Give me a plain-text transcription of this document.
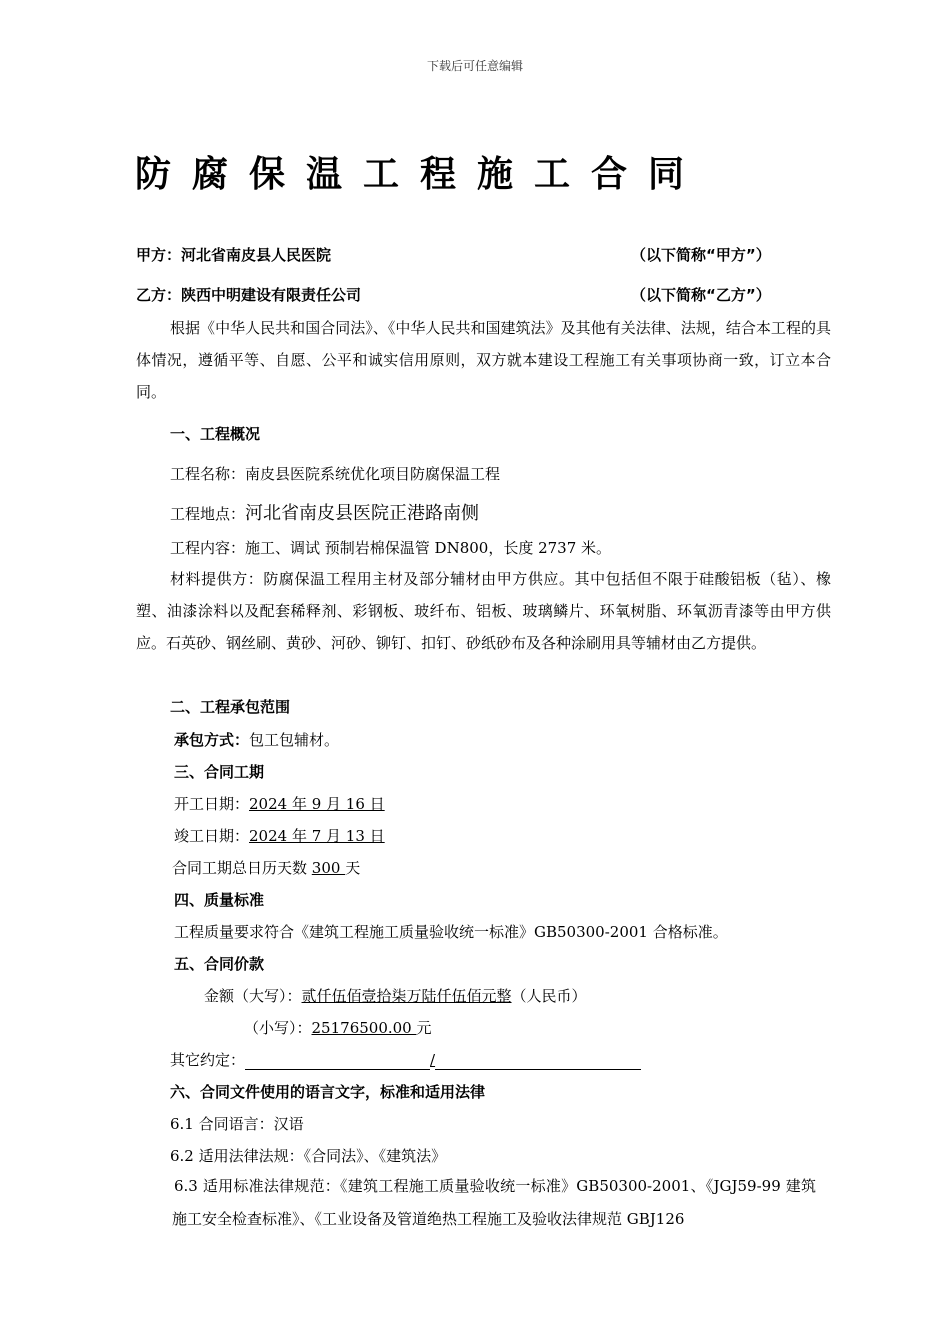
下载后可任意编辑
防腐保温工程施工合同
甲方：河北省南皮县人民医院	（以下简称“甲方”）
乙方：陕西中明建设有限责任公司	（以下简称“乙方”）
根据《中华人民共和国合同法》、《中华人民共和国建筑法》及其他有关法律、法规，结合本工程的具体情况，遵循平等、自愿、公平和诚实信用原则，双方就本建设工程施工有关事项协商一致，订立本合同。
一、工程概况
工程名称：南皮县医院系统优化项目防腐保温工程
工程地点：河北省南皮县医院正港路南侧
工程内容：施工、调试 预制岩棉保温管 DN800，长度 2737 米。
材料提供方：防腐保温工程用主材及部分辅材由甲方供应。其中包括但不限于硅酸铝板（毡）、橡塑、油漆涂料以及配套稀释剂、彩钢板、玻纤布、铝板、玻璃鳞片、环氧树脂、环氧沥青漆等由甲方供应。石英砂、钢丝刷、黄砂、河砂、铆钉、扣钉、砂纸砂布及各种涂刷用具等辅材由乙方提供。
二、工程承包范围
承包方式：包工包辅材。
三、合同工期
开工日期：2024 年 9 月 16 日
竣工日期：2024 年 7 月 13 日
合同工期总日历天数 300 天
四、质量标准
工程质量要求符合《建筑工程施工质量验收统一标准》GB50300-2001 合格标准。
五、合同价款
金额（大写）：贰仟伍佰壹拾柒万陆仟伍佰元整（人民币）
（小写）：25176500.00 元
其它约定：	/
六、合同文件使用的语言文字，标准和适用法律
6.1 合同语言：汉语
6.2 适用法律法规：《合同法》、《建筑法》
6.3 适用标准法律规范：《建筑工程施工质量验收统一标准》GB50300-2001、《JGJ59-99 建筑施工安全检查标准》、《工业设备及管道绝热工程施工及验收法律规范 GBJ126
